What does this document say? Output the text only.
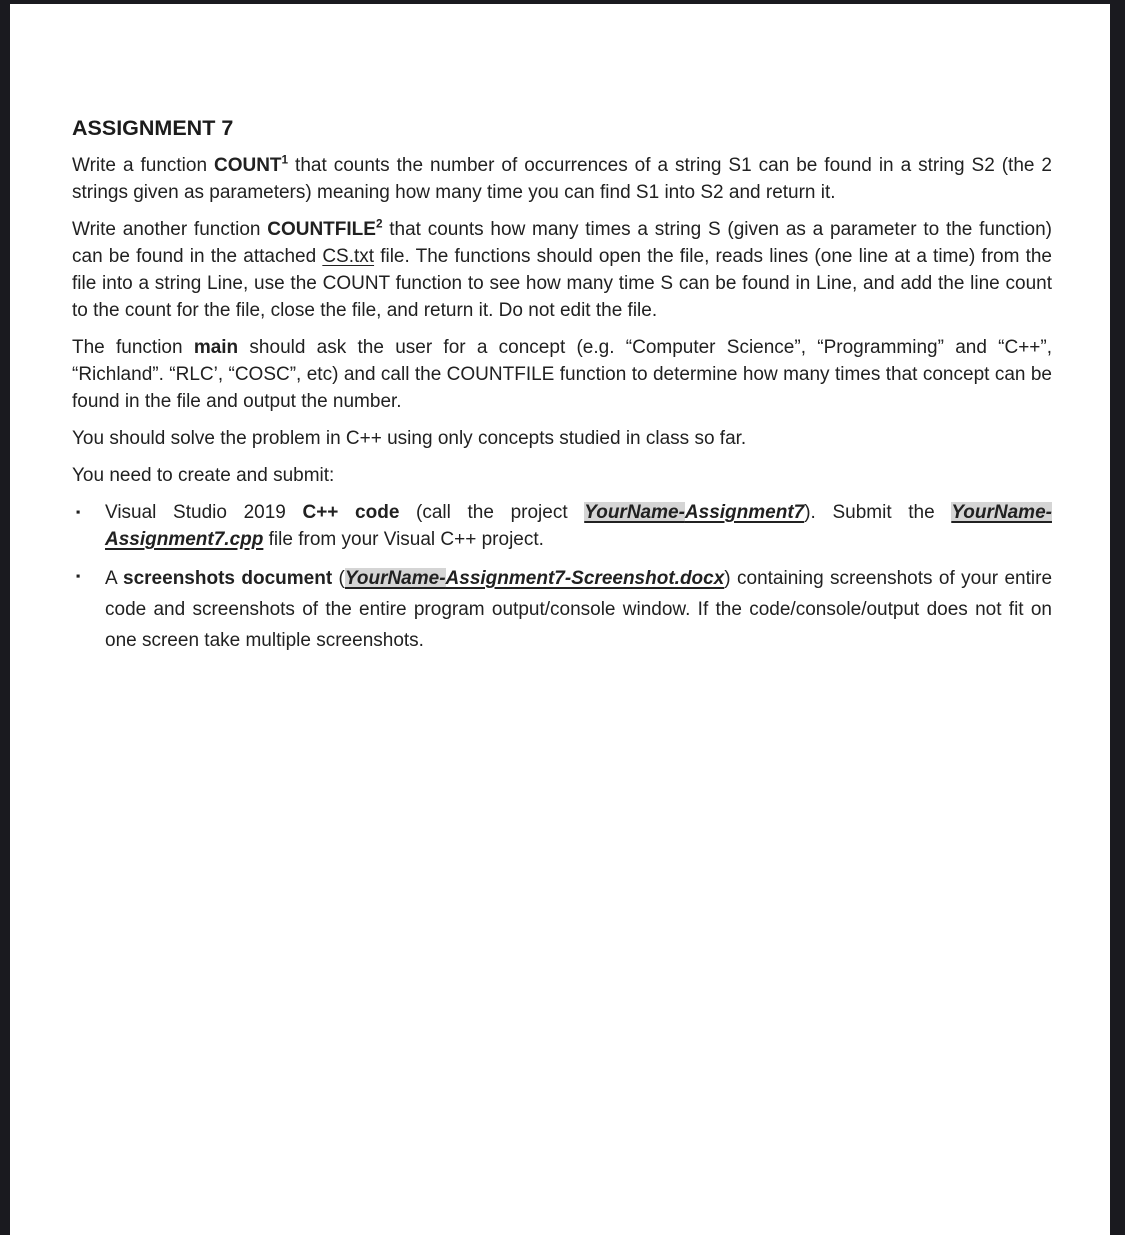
ASSIGNMENT 7

Write a function COUNT$^1$ that counts the number of occurrences of a string S1 can be found in a string S2 (the 2 strings given as parameters) meaning how many time you can find S1 into S2 and return it.

Write another function COUNTFILE$^2$ that counts how many times a string S (given as a parameter to the function) can be found in the attached CS.txt file. The functions should open the file, reads lines (one line at a time) from the file into a string Line, use the COUNT function to see how many time S can be found in Line, and add the line count to the count for the file, close the file, and return it. Do not edit the file.

The function main should ask the user for a concept (e.g. “Computer Science”, “Programming” and “C++”, “Richland”. “RLC’, “COSC”, etc) and call the COUNTFILE function to determine how many times that concept can be found in the file and output the number.

You should solve the problem in C++ using only concepts studied in class so far.

You need to create and submit:

▪ Visual Studio 2019 C++ code (call the project YourName-Assignment7). Submit the YourName-Assignment7.cpp file from your Visual C++ project.
▪ A screenshots document (YourName-Assignment7-Screenshot.docx) containing screenshots of your entire code and screenshots of the entire program output/console window. If the code/console/output does not fit on one screen take multiple screenshots.
